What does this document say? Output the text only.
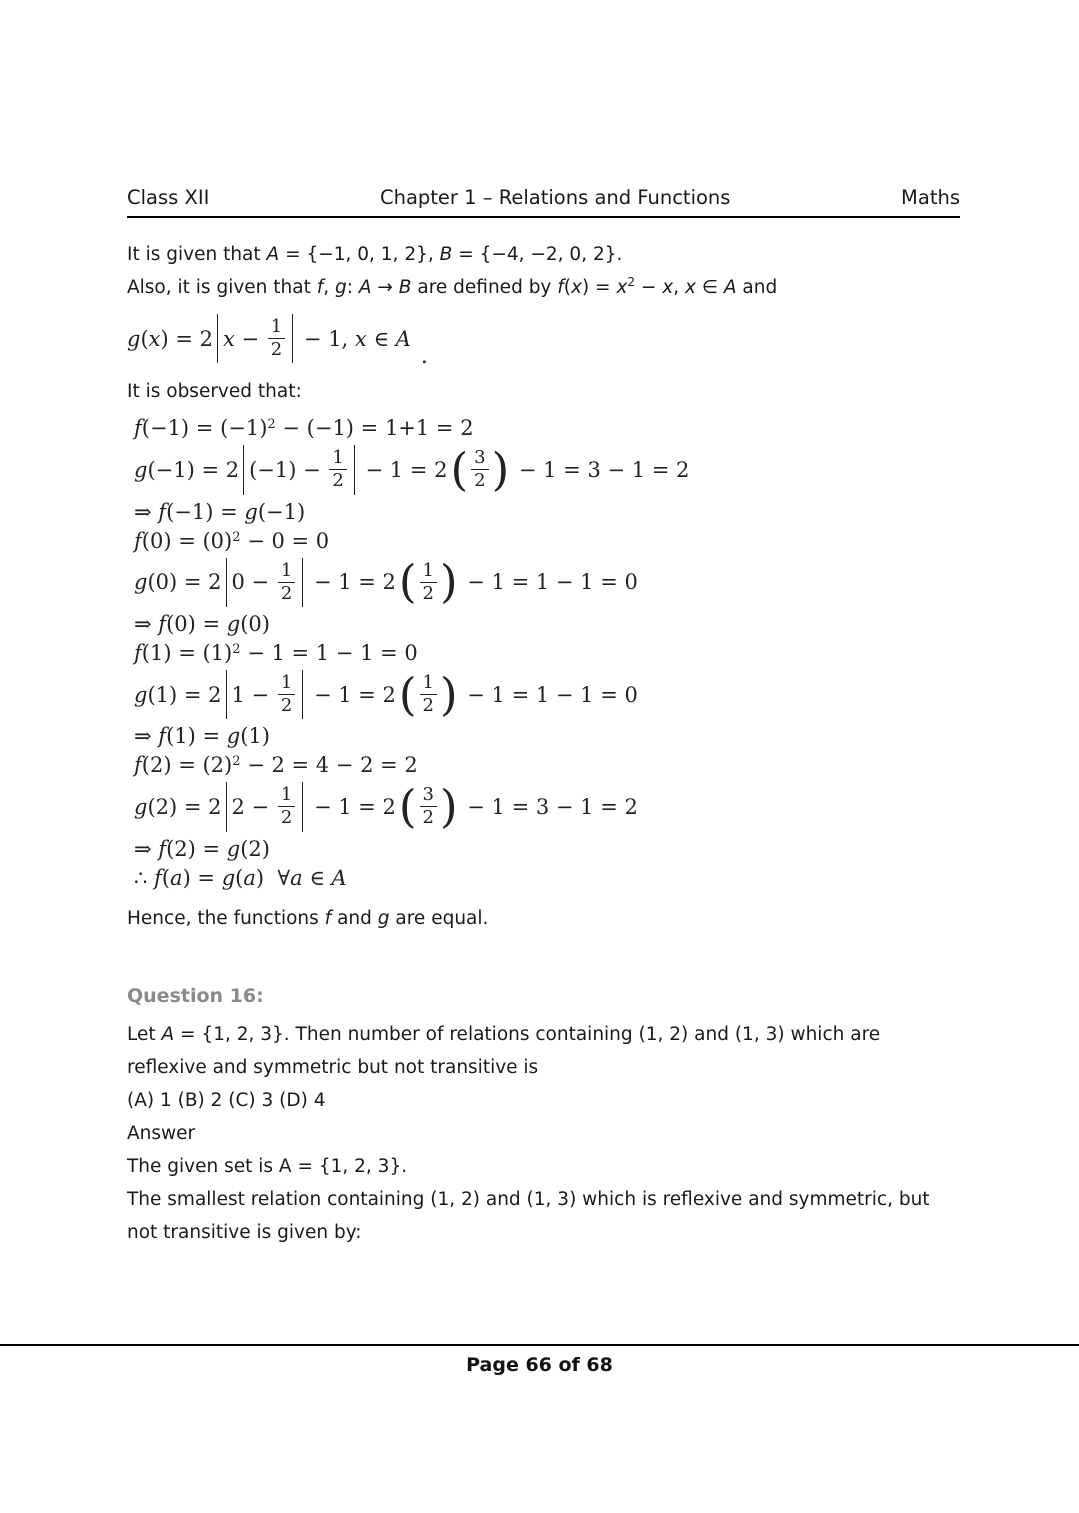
Class XII	Chapter 1 – Relations and Functions	Maths
It is given that A = {−1, 0, 1, 2}, B = {−4, −2, 0, 2}.
Also, it is given that f, g: A → B are defined by $f(x) = x^2 - x$, x ∈ A and
g ( x ) = 2 $x - \frac{1}{2} - 1$, x ∈ A
.
It is observed that:
f (−1) = (−1) 2 − (−1) = 1+1 = 2
g (−1) = 2 $(-1) - \frac{1}{2} - 1 = 2$ ( $\frac{3}{2}$ ) − 1 = 3 − 1 = 2
⇒ f (−1) = g (−1)
f (0) = (0) 2 − 0 = 0
g (0) = 2 $0 - \frac{1}{2} - 1 = 2$ ( $\frac{1}{2}$ ) − 1 = 1 − 1 = 0
⇒ f (0) = g (0)
f (1) = (1) 2 − 1 = 1 − 1 = 0
g (1) = 2 $1 - \frac{1}{2} - 1 = 2$ ( $\frac{1}{2}$ ) − 1 = 1 − 1 = 0
⇒ f (1) = g (1)
f (2) = (2) 2 − 2 = 4 − 2 = 2
g (2) = 2 $2 - \frac{1}{2} - 1 = 2$ ( $\frac{3}{2}$ ) − 1 = 3 − 1 = 2
⇒ f (2) = g (2)
∴ f ( a ) = g ( a )  ∀ a ∈ A
Hence, the functions f and g are equal.
Question 16:
Let A = {1, 2, 3}. Then number of relations containing (1, 2) and (1, 3) which are
reflexive and symmetric but not transitive is
(A) 1 (B) 2 (C) 3 (D) 4
Answer
The given set is A = {1, 2, 3}.
The smallest relation containing (1, 2) and (1, 3) which is reflexive and symmetric, but
not transitive is given by:
Page 66 of 68
